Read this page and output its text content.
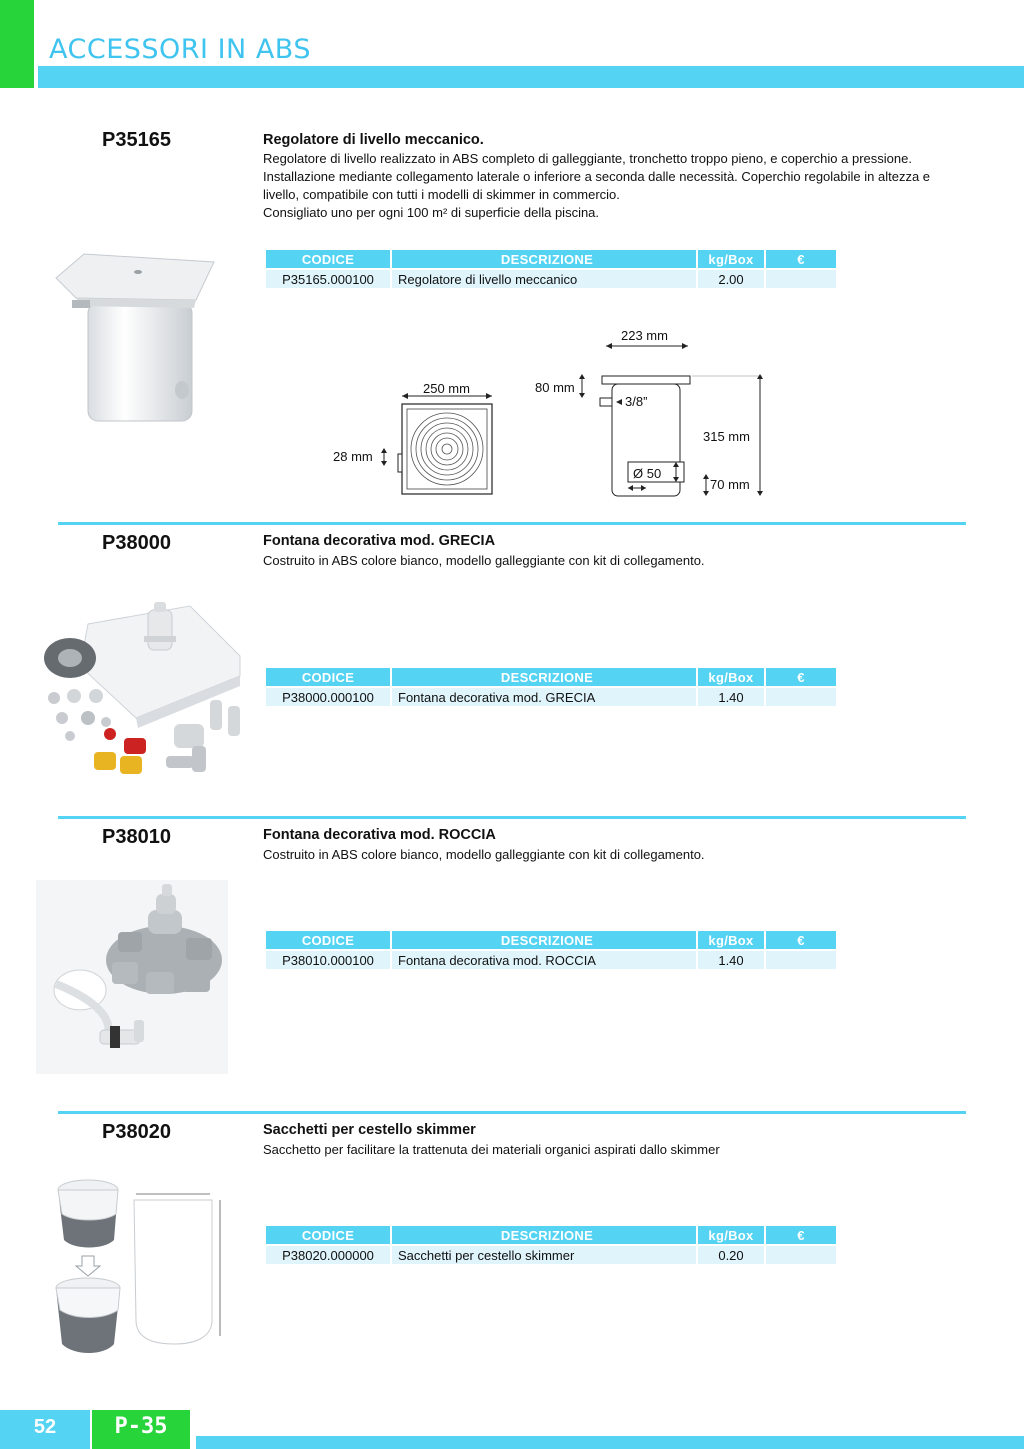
ACCESSORI IN ABS
P35165	Regolatore di livello meccanico.
Regolatore di livello realizzato in ABS completo di galleggiante, tronchetto troppo pieno, e coperchio a pressione.
Installazione mediante collegamento laterale o inferiore a seconda dalle necessità. Coperchio regolabile in altezza e livello, compatibile con tutti i modelli di skimmer in commercio.
Consigliato uno per ogni 100 m² di superficie della piscina.
CODICE	DESCRIZIONE	kg/Box	€
P35165.000100	Regolatore di livello meccanico	2.00	
223 mm
250 mm
28 mm
80 mm
3/8”
315 mm
Ø 50
70 mm
P38000	Fontana decorativa mod. GRECIA
Costruito in ABS colore bianco, modello galleggiante con kit di collegamento.
CODICE	DESCRIZIONE	kg/Box	€
P38000.000100	Fontana decorativa mod. GRECIA	1.40	
P38010	Fontana decorativa mod. ROCCIA
Costruito in ABS colore bianco, modello galleggiante con kit di collegamento.
CODICE	DESCRIZIONE	kg/Box	€
P38010.000100	Fontana decorativa mod. ROCCIA	1.40	
P38020	Sacchetti per cestello skimmer
Sacchetto per facilitare la trattenuta dei materiali organici aspirati dallo skimmer
CODICE	DESCRIZIONE	kg/Box	€
P38020.000000	Sacchetti per cestello skimmer	0.20	
52	P-35
